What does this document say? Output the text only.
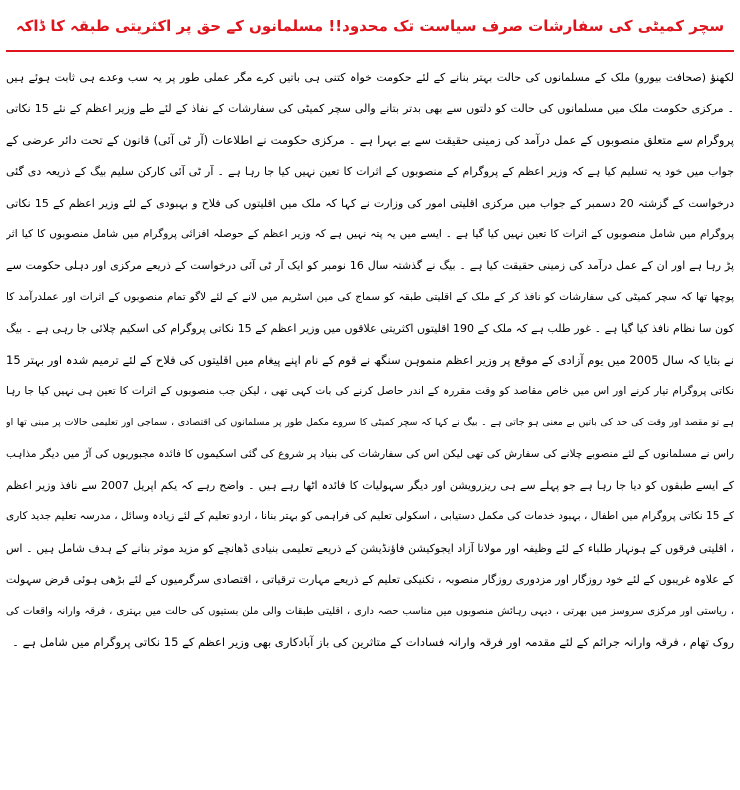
سچر کمیٹی کی سفارشات صرف سیاست تک محدود!! مسلمانوں کے حق پر اکثریتی طبقہ کا ڈاکہ
لکھنؤ (صحافت بیورو) ملک کے مسلمانوں کی حالت بہتر بنانے کے لئے حکومت خواہ کتنی ہی باتیں کرے مگر عملی طور پر یہ سب وعدے ہی ثابت ہوئے ہیں
۔ مرکزی حکومت ملک میں مسلمانوں کی حالت کو دلتوں سے بھی بدتر بتانے والی سچر کمیٹی کی سفارشات کے نفاذ کے لئے طے وزیر اعظم کے نئے 15 نکاتی
پروگرام سے متعلق منصوبوں کے عمل درآمد کی زمینی حقیقت سے بے بہرا ہے ۔ مرکزی حکومت نے اطلاعات (آر ٹی آئی) قانون کے تحت دائر عرضی کے
جواب میں خود یہ تسلیم کیا ہے کہ وزیر اعظم کے پروگرام کے منصوبوں کے اثرات کا تعین نہیں کیا جا رہا ہے ۔ آر ٹی آئی کارکن سلیم بیگ کے ذریعہ دی گئی
درخواست کے گزشتہ 20 دسمبر کے جواب میں مرکزی اقلیتی امور کی وزارت نے کہا کہ ملک میں اقلیتوں کی فلاح و بہبودی کے لئے وزیر اعظم کے 15 نکاتی
پروگرام میں شامل منصوبوں کے اثرات کا تعین نہیں کیا گیا ہے ۔ ایسے میں یہ پتہ نہیں ہے کہ وزیر اعظم کے حوصلہ افزائی پروگرام میں شامل منصوبوں کا کیا اثر
پڑ رہا ہے اور ان کے عمل درآمد کی زمینی حقیقت کیا ہے ۔ بیگ نے گذشتہ سال 16 نومبر کو ایک آر ٹی آئی درخواست کے ذریعے مرکزی اور دہلی حکومت سے
پوچھا تھا کہ سچر کمیٹی کی سفارشات کو نافذ کر کے ملک کے اقلیتی طبقہ کو سماج کی مین اسٹریم میں لانے کے لئے لاگو تمام منصوبوں کے اثرات اور عملدرآمد کا
کون سا نظام نافذ کیا گیا ہے ۔ غور طلب ہے کہ ملک کے 190 اقلیتوں اکثریتی علاقوں میں وزیر اعظم کے 15 نکاتی پروگرام کی اسکیم چلائی جا رہی ہے ۔ بیگ
نے بتایا کہ سال 2005 میں یوم آزادی کے موقع پر وزیر اعظم منموہن سنگھ نے قوم کے نام اپنے پیغام میں اقلیتوں کی فلاح کے لئے ترمیم شدہ اور بہتر 15
نکاتی پروگرام تیار کرنے اور اس میں خاص مقاصد کو وقت مقررہ کے اندر حاصل کرنے کی بات کہی تھی ، لیکن جب منصوبوں کے اثرات کا تعین ہی نہیں کیا جا رہا
ہے تو مقصد اور وقت کی حد کی باتیں بے معنی ہو جاتی ہے ۔ بیگ نے کہا کہ سچر کمیٹی کا سروے مکمل طور پر مسلمانوں کی اقتصادی ، سماجی اور تعلیمی حالات پر مبنی تھا او
راس نے مسلمانوں کے لئے منصوبے چلانے کی سفارش کی تھی لیکن اس کی سفارشات کی بنیاد پر شروع کی گئی اسکیموں کا فائدہ مجبوریوں کی آڑ میں دیگر مذاہب
کے ایسے طبقوں کو دیا جا رہا ہے جو پہلے سے ہی ریزرویشن اور دیگر سہولیات کا فائدہ اٹھا رہے ہیں ۔ واضح رہے کہ یکم اپریل 2007 سے نافذ وزیر اعظم
کے 15 نکاتی پروگرام میں اطفال ، بہبود خدمات کی مکمل دستیابی ، اسکولی تعلیم کی فراہمی کو بہتر بنانا ، اردو تعلیم کے لئے زیادہ وسائل ، مدرسہ تعلیم جدید کاری
، اقلیتی فرقوں کے ہونہار طلباء کے لئے وظیفہ اور مولانا آزاد ایجوکیشن فاؤنڈیشن کے ذریعے تعلیمی بنیادی ڈھانچے کو مزید موثر بنانے کے ہدف شامل ہیں ۔ اس
کے علاوہ غریبوں کے لئے خود روزگار اور مزدوری روزگار منصوبہ ، تکنیکی تعلیم کے ذریعے مہارت ترقیاتی ، اقتصادی سرگرمیوں کے لئے بڑھی ہوئی قرض سہولت
، ریاستی اور مرکزی سروسز میں بھرتی ، دیہی رہائش منصوبوں میں مناسب حصہ داری ، اقلیتی طبقات والی ملن بستیوں کی حالت میں بہتری ، فرقہ وارانہ واقعات کی
روک تھام ، فرقہ وارانہ جرائم کے لئے مقدمہ اور فرقہ وارانہ فسادات کے متاثرین کی باز آبادکاری بھی وزیر اعظم کے 15 نکاتی پروگرام میں شامل ہے ۔
